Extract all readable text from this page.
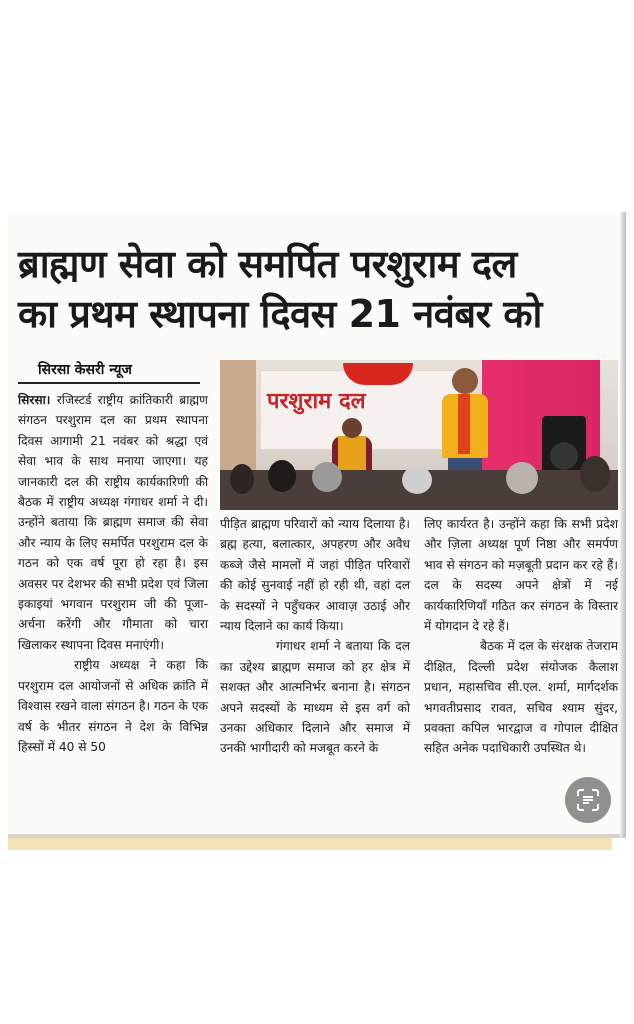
ब्राह्मण सेवा को समर्पित परशुराम दल
का प्रथम स्थापना दिवस 21 नवंबर को
सिरसा केसरी न्यूज
परशुराम दल

सिरसा। रजिस्टर्ड राष्ट्रीय क्रांतिकारी ब्राह्मण संगठन परशुराम दल का प्रथम स्थापना दिवस आगामी 21 नवंबर को श्रद्धा एवं सेवा भाव के साथ मनाया जाएगा। यह जानकारी दल की राष्ट्रीय कार्यकारिणी की बैठक में राष्ट्रीय अध्यक्ष गंगाधर शर्मा ने दी। उन्होंने बताया कि ब्राह्मण समाज की सेवा और न्याय के लिए समर्पित परशुराम दल के गठन को एक वर्ष पूरा हो रहा है। इस अवसर पर देशभर की सभी प्रदेश एवं जिला इकाइयां भगवान परशुराम जी की पूजा-अर्चना करेंगी और गौमाता को चारा खिलाकर स्थापना दिवस मनाएंगी।

राष्ट्रीय अध्यक्ष ने कहा कि परशुराम दल आयोजनों से अधिक क्रांति में विश्वास रखने वाला संगठन है। गठन के एक वर्ष के भीतर संगठन ने देश के विभिन्न हिस्सों में 40 से 50

पीड़ित ब्राह्मण परिवारों को न्याय दिलाया है। ब्रह्म हत्या, बलात्कार, अपहरण और अवैध कब्जे जैसे मामलों में जहां पीड़ित परिवारों की कोई सुनवाई नहीं हो रही थी, वहां दल के सदस्यों ने पहुँचकर आवाज़ उठाई और न्याय दिलाने का कार्य किया।

गंगाधर शर्मा ने बताया कि दल का उद्देश्य ब्राह्मण समाज को हर क्षेत्र में सशक्त और आत्मनिर्भर बनाना है। संगठन अपने सदस्यों के माध्यम से इस वर्ग को उनका अधिकार दिलाने और समाज में उनकी भागीदारी को मजबूत करने के

लिए कार्यरत है। उन्होंने कहा कि सभी प्रदेश और ज़िला अध्यक्ष पूर्ण निष्ठा और समर्पण भाव से संगठन को मज़बूती प्रदान कर रहे हैं। दल के सदस्य अपने क्षेत्रों में नई कार्यकारिणियाँ गठित कर संगठन के विस्तार में योगदान दे रहे हैं।

बैठक में दल के संरक्षक तेजराम दीक्षित, दिल्ली प्रदेश संयोजक कैलाश प्रधान, महासचिव सी.एल. शर्मा, मार्गदर्शक भगवतीप्रसाद रावत, सचिव श्याम सुंदर, प्रवक्ता कपिल भारद्वाज व गोपाल दीक्षित सहित अनेक पदाधिकारी उपस्थित थे।
